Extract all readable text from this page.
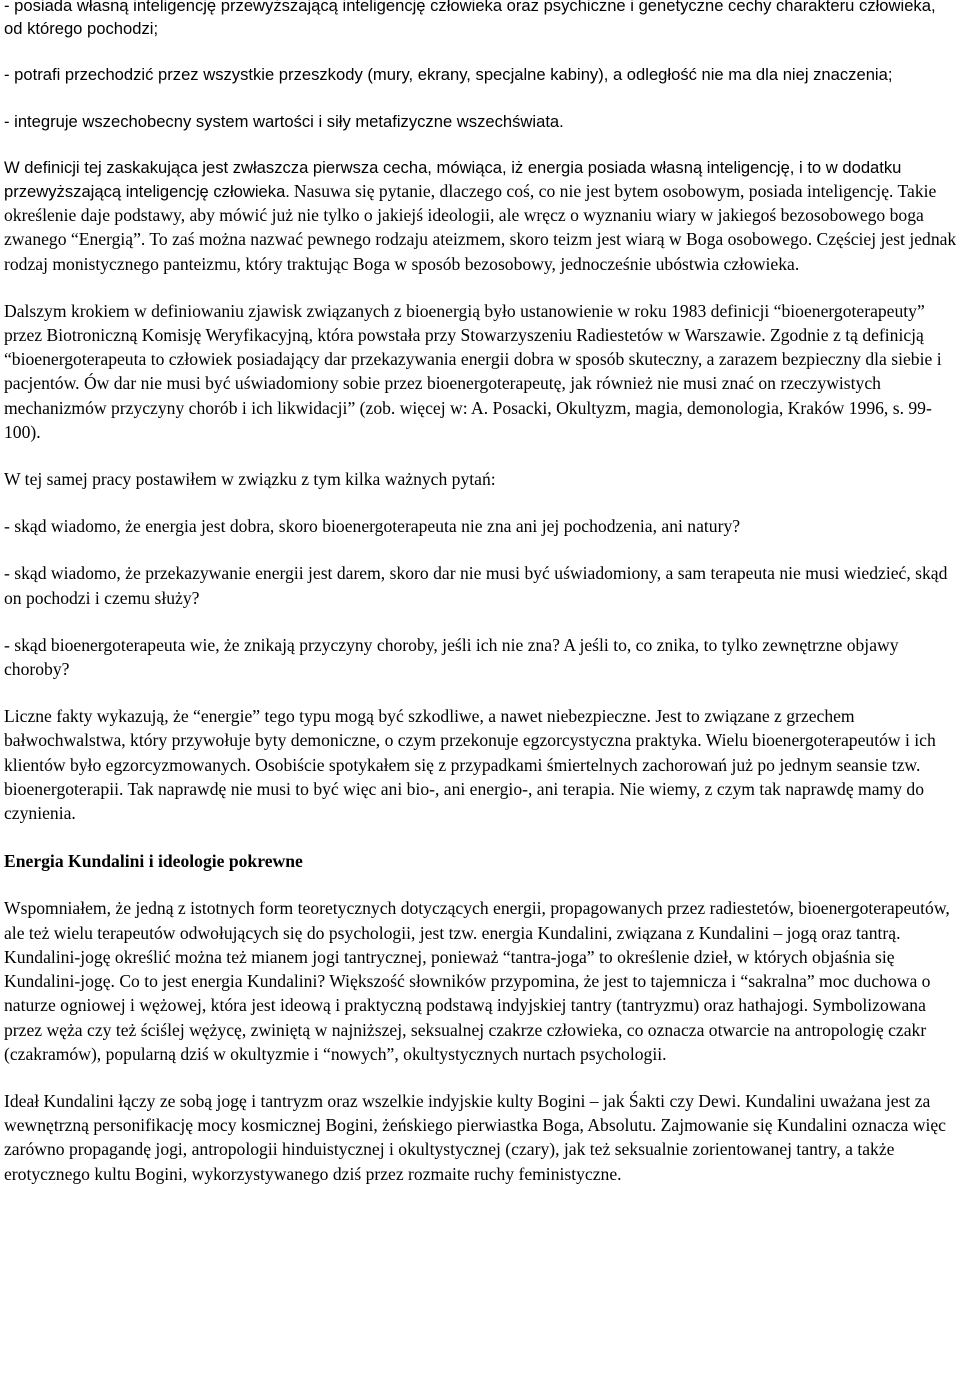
- posiada własną inteligencję przewyższającą inteligencję człowieka oraz psychiczne i genetyczne cechy charakteru człowieka, od którego pochodzi;

- potrafi przechodzić przez wszystkie przeszkody (mury, ekrany, specjalne kabiny), a odległość nie ma dla niej znaczenia;

- integruje wszechobecny system wartości i siły metafizyczne wszechświata.

W definicji tej zaskakująca jest zwłaszcza pierwsza cecha, mówiąca, iż energia posiada własną inteligencję, i to w dodatku przewyższającą inteligencję człowieka. Nasuwa się pytanie, dlaczego coś, co nie jest bytem osobowym, posiada inteligencję. Takie określenie daje podstawy, aby mówić już nie tylko o jakiejś ideologii, ale wręcz o wyznaniu wiary w jakiegoś bezosobowego boga zwanego “Energią”. To zaś można nazwać pewnego rodzaju ateizmem, skoro teizm jest wiarą w Boga osobowego. Częściej jest jednak rodzaj monistycznego panteizmu, który traktując Boga w sposób bezosobowy, jednocześnie ubóstwia człowieka.

Dalszym krokiem w definiowaniu zjawisk związanych z bioenergią było ustanowienie w roku 1983 definicji “bioenergoterapeuty” przez Biotroniczną Komisję Weryfikacyjną, która powstała przy Stowarzyszeniu Radiestetów w Warszawie. Zgodnie z tą definicją “bioenergoterapeuta to człowiek posiadający dar przekazywania energii dobra w sposób skuteczny, a zarazem bezpieczny dla siebie i pacjentów. Ów dar nie musi być uświadomiony sobie przez bioenergoterapeutę, jak również nie musi znać on rzeczywistych mechanizmów przyczyny chorób i ich likwidacji” (zob. więcej w: A. Posacki, Okultyzm, magia, demonologia, Kraków 1996, s. 99-100).

W tej samej pracy postawiłem w związku z tym kilka ważnych pytań:

- skąd wiadomo, że energia jest dobra, skoro bioenergoterapeuta nie zna ani jej pochodzenia, ani natury?

- skąd wiadomo, że przekazywanie energii jest darem, skoro dar nie musi być uświadomiony, a sam terapeuta nie musi wiedzieć, skąd on pochodzi i czemu służy?

- skąd bioenergoterapeuta wie, że znikają przyczyny choroby, jeśli ich nie zna? A jeśli to, co znika, to tylko zewnętrzne objawy choroby?

Liczne fakty wykazują, że “energie” tego typu mogą być szkodliwe, a nawet niebezpieczne. Jest to związane z grzechem bałwochwalstwa, który przywołuje byty demoniczne, o czym przekonuje egzorcystyczna praktyka. Wielu bioenergoterapeutów i ich klientów było egzorcyzmowanych. Osobiście spotykałem się z przypadkami śmiertelnych zachorowań już po jednym seansie tzw. bioenergoterapii. Tak naprawdę nie musi to być więc ani bio-, ani energio-, ani terapia. Nie wiemy, z czym tak naprawdę mamy do czynienia.

Energia Kundalini i ideologie pokrewne

Wspomniałem, że jedną z istotnych form teoretycznych dotyczących energii, propagowanych przez radiestetów, bioenergoterapeutów, ale też wielu terapeutów odwołujących się do psychologii, jest tzw. energia Kundalini, związana z Kundalini – jogą oraz tantrą. Kundalini-jogę określić można też mianem jogi tantrycznej, ponieważ “tantra-joga” to określenie dzieł, w których objaśnia się Kundalini-jogę. Co to jest energia Kundalini? Większość słowników przypomina, że jest to tajemnicza i “sakralna” moc duchowa o naturze ogniowej i wężowej, która jest ideową i praktyczną podstawą indyjskiej tantry (tantryzmu) oraz hathajogi. Symbolizowana przez węża czy też ściślej wężycę, zwiniętą w najniższej, seksualnej czakrze człowieka, co oznacza otwarcie na antropologię czakr (czakramów), popularną dziś w okultyzmie i “nowych”, okultystycznych nurtach psychologii.

Ideał Kundalini łączy ze sobą jogę i tantryzm oraz wszelkie indyjskie kulty Bogini – jak Śakti czy Dewi. Kundalini uważana jest za wewnętrzną personifikację mocy kosmicznej Bogini, żeńskiego pierwiastka Boga, Absolutu. Zajmowanie się Kundalini oznacza więc zarówno propagandę jogi, antropologii hinduistycznej i okultystycznej (czary), jak też seksualnie zorientowanej tantry, a także erotycznego kultu Bogini, wykorzystywanego dziś przez rozmaite ruchy feministyczne.
